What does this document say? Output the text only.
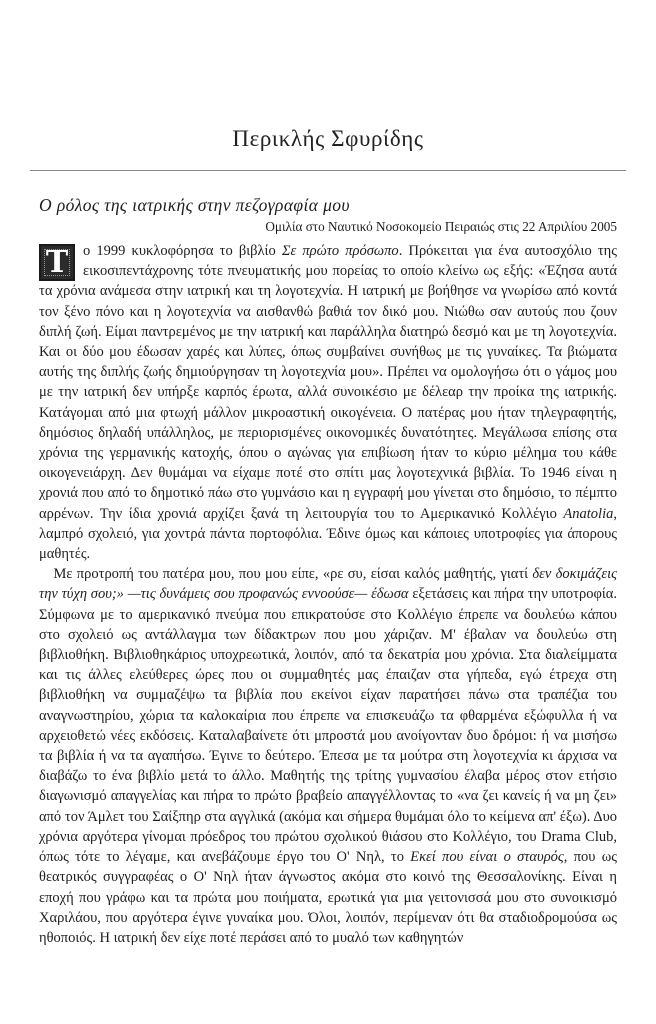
Περικλής Σφυρίδης
Ο ρόλος της ιατρικής στην πεζογραφία μου
Ομιλία στο Ναυτικό Νοσοκομείο Πειραιώς στις 22 Απριλίου 2005

Τ	ο 1999 κυκλοφόρησα το βιβλίο Σε πρώτο πρόσωπο. Πρόκειται για ένα αυτοσχόλιο της εικοσιπεντάχρονης τότε πνευματικής μου πορείας το οποίο κλείνω ως εξής: «Έζησα αυτά τα χρόνια ανάμεσα στην ιατρική και τη λογοτεχνία. Η ιατρική με βοήθησε να γνωρίσω από κοντά τον ξένο πόνο και η λογοτεχνία να αισθανθώ βαθιά τον δικό μου. Νιώθω σαν αυτούς που ζουν διπλή ζωή. Είμαι παντρεμένος με την ιατρική και παράλληλα διατηρώ δεσμό και με τη λογοτεχνία. Και οι δύο μου έδωσαν χαρές και λύπες, όπως συμβαίνει συνήθως με τις γυναίκες. Τα βιώματα αυτής της διπλής ζωής δημιούργησαν τη λογοτεχνία μου». Πρέπει να ομολογήσω ότι ο γάμος μου με την ιατρική δεν υπήρξε καρπός έρωτα, αλλά συνοικέσιο με δέλεαρ την προίκα της ιατρικής. Κατάγομαι από μια φτωχή μάλλον μικροαστική οικογένεια. Ο πατέρας μου ήταν τηλεγραφητής, δημόσιος δηλαδή υπάλληλος, με περιορισμένες οικονομικές δυνατότητες. Μεγάλωσα επίσης στα χρόνια της γερμανικής κατοχής, όπου ο αγώνας για επιβίωση ήταν το κύριο μέλημα του κάθε οικογενειάρχη. Δεν θυμάμαι να είχαμε ποτέ στο σπίτι μας λογοτεχνικά βιβλία. Το 1946 είναι η χρονιά που από το δημοτικό πάω στο γυμνάσιο και η εγγραφή μου γίνεται στο δημόσιο, το πέμπτο αρρένων. Την ίδια χρονιά αρχίζει ξανά τη λειτουργία του το Αμερικανικό Κολλέγιο Anatolia, λαμπρό σχολειό, για χοντρά πάντα πορτοφόλια. Έδινε όμως και κάποιες υποτροφίες για άπορους μαθητές.

Με προτροπή του πατέρα μου, που μου είπε, «ρε συ, είσαι καλός μαθητής, γιατί δεν δοκιμάζεις την τύχη σου;» —τις δυνάμεις σου προφανώς εννοούσε— έδωσα εξετάσεις και πήρα την υποτροφία. Σύμφωνα με το αμερικανικό πνεύμα που επικρατούσε στο Κολλέγιο έπρεπε να δουλεύω κάπου στο σχολειό ως αντάλλαγμα των δίδακτρων που μου χάριζαν. Μ' έβαλαν να δουλεύω στη βιβλιοθήκη. Βιβλιοθηκάριος υποχρεωτικά, λοιπόν, από τα δεκατρία μου χρόνια. Στα διαλείμματα και τις άλλες ελεύθερες ώρες που οι συμμαθητές μας έπαιζαν στα γήπεδα, εγώ έτρεχα στη βιβλιοθήκη να συμμαζέψω τα βιβλία που εκείνοι είχαν παρατήσει πάνω στα τραπέζια του αναγνωστηρίου, χώρια τα καλοκαίρια που έπρεπε να επισκευάζω τα φθαρμένα εξώφυλλα ή να αρχειοθετώ νέες εκδόσεις. Καταλαβαίνετε ότι μπροστά μου ανοίγονταν δυο δρόμοι: ή να μισήσω τα βιβλία ή να τα αγαπήσω. Έγινε το δεύτερο. Έπεσα με τα μούτρα στη λογοτεχνία κι άρχισα να διαβάζω το ένα βιβλίο μετά το άλλο. Μαθητής της τρίτης γυμνασίου έλαβα μέρος στον ετήσιο διαγωνισμό απαγγελίας και πήρα το πρώτο βραβείο απαγγέλλοντας το «να ζει κανείς ή να μη ζει» από τον Άμλετ του Σαίξπηρ στα αγγλικά (ακόμα και σήμερα θυμάμαι όλο το κείμενα απ' έξω). Δυο χρόνια αργότερα γίνομαι πρόεδρος του πρώτου σχολικού θιάσου στο Κολλέγιο, του Drama Club, όπως τότε το λέγαμε, και ανεβάζουμε έργο του Ο' Νηλ, το Εκεί που είναι ο σταυρός, που ως θεατρικός συγγραφέας ο Ο' Νηλ ήταν άγνωστος ακόμα στο κοινό της Θεσσαλονίκης. Είναι η εποχή που γράφω και τα πρώτα μου ποιήματα, ερωτικά για μια γειτονισσά μου στο συνοικισμό Χαριλάου, που αργότερα έγινε γυναίκα μου. Όλοι, λοιπόν, περίμεναν ότι θα σταδιοδρομούσα ως ηθοποιός. Η ιατρική δεν είχε ποτέ περάσει από το μυαλό των καθηγητών
